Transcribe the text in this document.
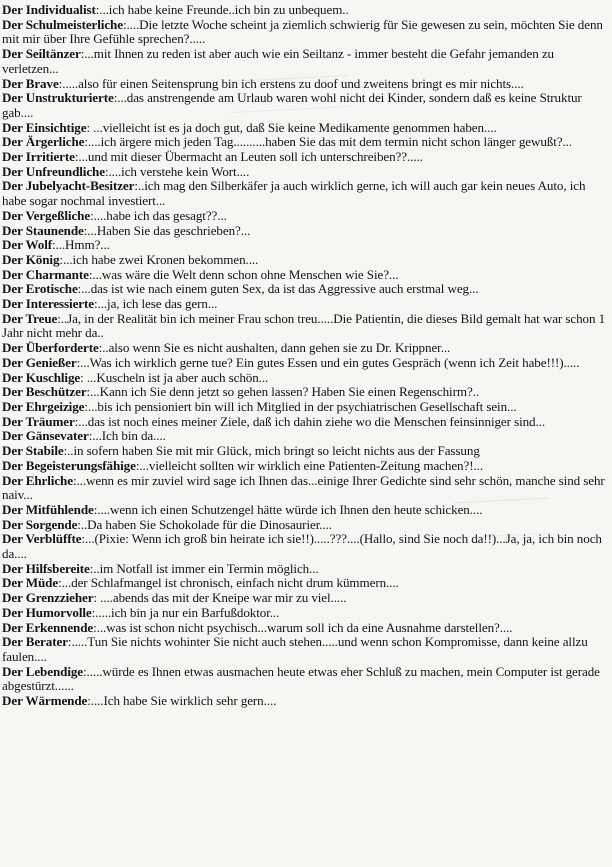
Der Individualist:...ich habe keine Freunde..ich bin zu unbequem..

Der Schulmeisterliche:....Die letzte Woche scheint ja ziemlich schwierig für Sie gewesen zu sein, möchten Sie denn mit mir über Ihre Gefühle sprechen?.....

Der Seiltänzer:...mit Ihnen zu reden ist aber auch wie ein Seiltanz - immer besteht die Gefahr jemanden zu verletzen...

Der Brave:.....also für einen Seitensprung bin ich erstens zu doof und zweitens bringt es mir nichts....

Der Unstrukturierte:...das anstrengende am Urlaub waren wohl nicht dei Kinder, sondern daß es keine Struktur gab....

Der Einsichtige: ...vielleicht ist es ja doch gut, daß Sie keine Medikamente genommen haben....

Der Ärgerliche:....ich ärgere mich jeden Tag..........haben Sie das mit dem termin nicht schon länger gewußt?...

Der Irritierte:...und mit dieser Übermacht an Leuten soll ich unterschreiben??.....

Der Unfreundliche:....ich verstehe kein Wort....

Der Jubelyacht-Besitzer:..ich mag den Silberkäfer ja auch wirklich gerne, ich will auch gar kein neues Auto, ich habe sogar nochmal investiert...

Der Vergeßliche:....habe ich das gesagt??...

Der Staunende:...Haben Sie das geschrieben?...

Der Wolf:...Hmm?...

Der König:...ich habe zwei Kronen bekommen....

Der Charmante:...was wäre die Welt denn schon ohne Menschen wie Sie?...

Der Erotische:...das ist wie nach einem guten Sex, da ist das Aggressive auch erstmal weg...

Der Interessierte:...ja, ich lese das gern...

Der Treue:..Ja, in der Realität bin ich meiner Frau schon treu.....Die Patientin, die dieses Bild gemalt hat war schon 1 Jahr nicht mehr da..

Der Überforderte:..also wenn Sie es nicht aushalten, dann gehen sie zu Dr. Krippner...

Der Genießer:...Was ich wirklich gerne tue? Ein gutes Essen und ein gutes Gespräch (wenn ich Zeit habe!!!).....

Der Kuschlige: ...Kuscheln ist ja aber auch schön...

Der Beschützer:...Kann ich Sie denn jetzt so gehen lassen? Haben Sie einen Regenschirm?..

Der Ehrgeizige:...bis ich pensioniert bin will ich Mitglied in der psychiatrischen Gesellschaft sein...

Der Träumer:...das ist noch eines meiner Ziele, daß ich dahin ziehe wo die Menschen feinsinniger sind...

Der Gänsevater:...Ich bin da....

Der Stabile:..in sofern haben Sie mit mir Glück, mich bringt so leicht nichts aus der Fassung

Der Begeisterungsfähige:...vielleicht sollten wir wirklich eine Patienten-Zeitung machen?!...

Der Ehrliche:...wenn es mir zuviel wird sage ich Ihnen das...einige Ihrer Gedichte sind sehr schön, manche sind sehr naiv...

Der Mitfühlende:....wenn ich einen Schutzengel hätte würde ich Ihnen den heute schicken....

Der Sorgende:..Da haben Sie Schokolade für die Dinosaurier....

Der Verblüffte:...(Pixie: Wenn ich groß bin heirate ich sie!!).....???....(Hallo, sind Sie noch da!!)...Ja, ja, ich bin noch da....

Der Hilfsbereite:..im Notfall ist immer ein Termin möglich...

Der Müde:...der Schlafmangel ist chronisch, einfach nicht drum kümmern....

Der Grenzzieher: ....abends das mit der Kneipe war mir zu viel.....

Der Humorvolle:.....ich bin ja nur ein Barfußdoktor...

Der Erkennende:...was ist schon nicht psychisch...warum soll ich da eine Ausnahme darstellen?....

Der Berater:.....Tun Sie nichts wohinter Sie nicht auch stehen.....und wenn schon Kompromisse, dann keine allzu faulen....

Der Lebendige:.....würde es Ihnen etwas ausmachen heute etwas eher Schluß zu machen, mein Computer ist gerade abgestürzt......

Der Wärmende:....Ich habe Sie wirklich sehr gern....
